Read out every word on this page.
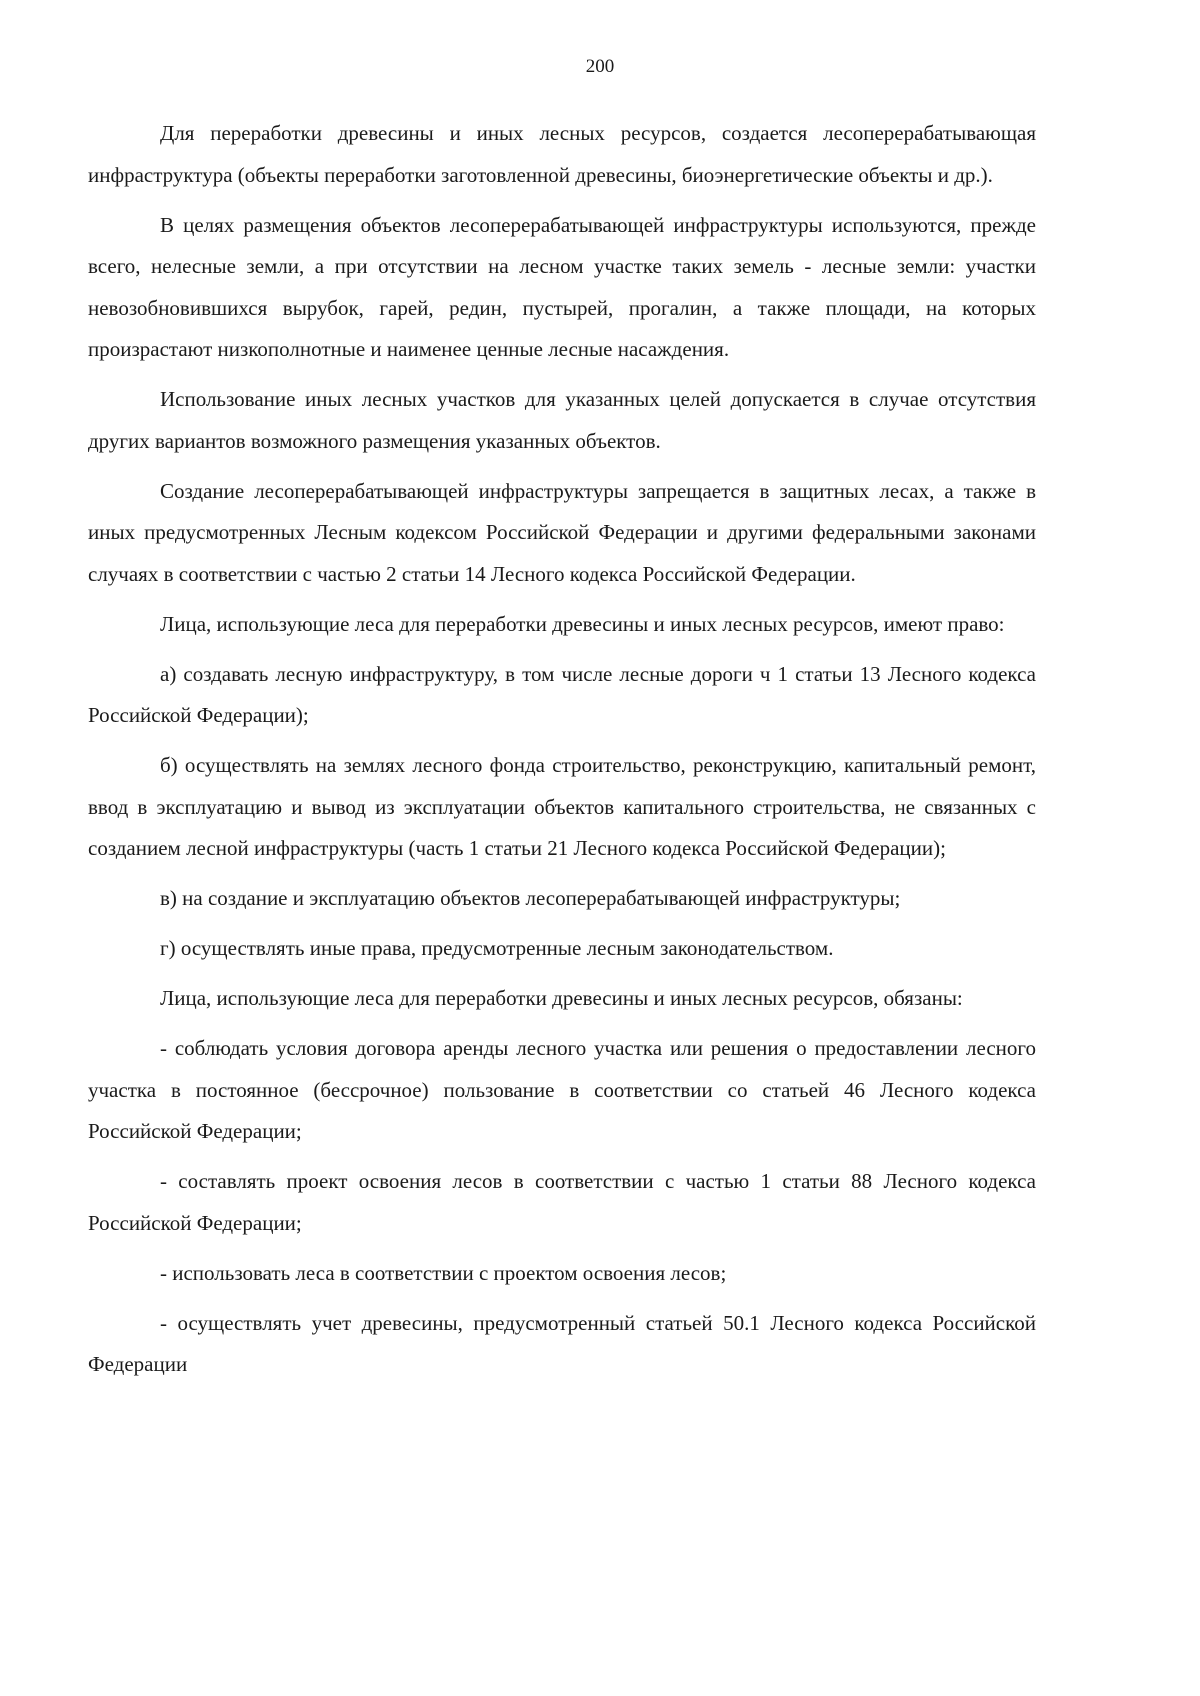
200

Для переработки древесины и иных лесных ресурсов, создается лесоперерабатывающая инфраструктура (объекты переработки заготовленной древесины, биоэнергетические объекты и др.).

В целях размещения объектов лесоперерабатывающей инфраструктуры используются, прежде всего, нелесные земли, а при отсутствии на лесном участке таких земель - лесные земли: участки невозобновившихся вырубок, гарей, редин, пустырей, прогалин, а также площади, на которых произрастают низкополнотные и наименее ценные лесные насаждения.

Использование иных лесных участков для указанных целей допускается в случае отсутствия других вариантов возможного размещения указанных объектов.

Создание лесоперерабатывающей инфраструктуры запрещается в защитных лесах, а также в иных предусмотренных Лесным кодексом Российской Федерации и другими федеральными законами случаях в соответствии с частью 2 статьи 14 Лесного кодекса Российской Федерации.

Лица, использующие леса для переработки древесины и иных лесных ресурсов, имеют право:

а) создавать лесную инфраструктуру, в том числе лесные дороги ч 1 статьи 13 Лесного кодекса Российской Федерации);

б) осуществлять на землях лесного фонда строительство, реконструкцию, капитальный ремонт, ввод в эксплуатацию и вывод из эксплуатации объектов капитального строительства, не связанных с созданием лесной инфраструктуры (часть 1 статьи 21 Лесного кодекса Российской Федерации);

в) на создание и эксплуатацию объектов лесоперерабатывающей инфраструктуры;

г) осуществлять иные права, предусмотренные лесным законодательством.

Лица, использующие леса для переработки древесины и иных лесных ресурсов, обязаны:

- соблюдать условия договора аренды лесного участка или решения о предоставлении лесного участка в постоянное (бессрочное) пользование в соответствии со статьей 46 Лесного кодекса Российской Федерации;

- составлять проект освоения лесов в соответствии с частью 1 статьи 88 Лесного кодекса Российской Федерации;

- использовать леса в соответствии с проектом освоения лесов;

- осуществлять учет древесины, предусмотренный статьей 50.1 Лесного кодекса Российской Федерации
